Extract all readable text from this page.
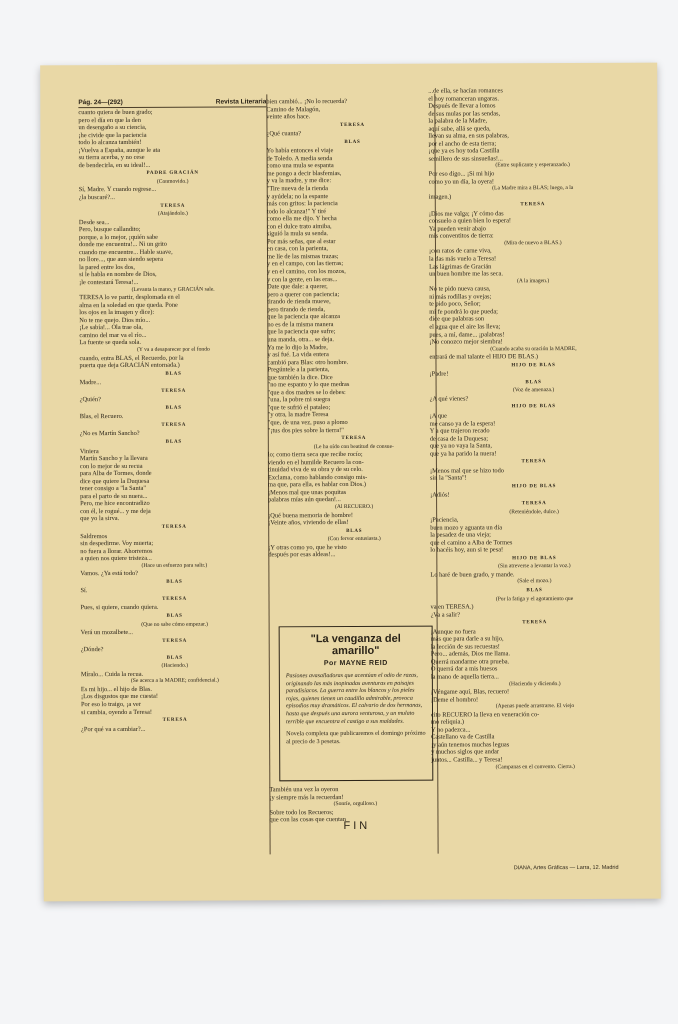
Pág. 24—(292)	Revista Literaria
cuanto quiera de buen grado;
pero el día en que la den
un desengaño a su ciencia,
¡he civide que la paciencia
todo lo alcanza también!
¡Vuelva a España, aunque le ata
su tierra acerba, y no cese
de bendecirla, en su ideal!...
PADRE GRACIÁN
(Conmovido.)
Sí, Madre. Y cuando regrese...
¿la buscaré?...
TERESA
(Atajándolo.)
Desde sea...
Pero, busque callandito;
porque, a lo mejor, ¡quién sabe
donde me encuentra!... Ni un grito
cuando me encuentre... Hable suave,
no llore..., que aun siendo sepera
la pared entre los dos,
si le habla en nombre de Dios,
¡le contestará Teresa!...
(Levanta la mano, y GRACIÁN sale.
TERESA lo ve partir, desplomada en el
alma en la soledad en que queda. Pone
los ojos en la imagen y dice):
No te me quejo. Dios mío...
¡Le sabía!... Ola trae ola,
camino del mar va el río...
La fuente se queda sola.
(Y va a desaparecer por el fondo
cuando, entra BLAS, el Recuerdo, por la
puerta que deja GRACIÁN entornada.)
BLAS
Madre...
TERESA
¿Quién?
BLAS
Blas, el Recuero.
TERESA
¿No es Martín Sancho?
BLAS
Viniera
Martín Sancho y la llevara
con lo mejor de su recua
para Alba de Tormes, donde
dice que quiere la Duquesa
tener consigo a "la Santa"
para el parto de su nuera...
Pero, me hice encontradizo
con él, le rogué... y me deja
que yo la sirva.
TERESA
Saldremos
sin despedirme. Voy muerta;
no fuera a llorar. Ahorremos
a quien nos quiere tristeza...
(Hace un esfuerzo para salir.)
Vamos. ¿Ya está todo?
BLAS
Sí.
TERESA
Pues, si quiere, cuando quiera.
BLAS
(Que no sabe cómo empezar.)
Verá un mozalbete...
TERESA
¿Dónde?
BLAS
(Haciendo.)
Míralo... Cuida la recua.
(Se acerca a la MADRE; confidencial.)
Es mi hijo... el hijo de Blas.
¡Los disgustos que me cuesta!
Por eso lo traigo, ¡a ver
si cambia, oyendo a Teresa!
TERESA
¿Por qué va a cambiar?...
bien cambió... ¡No lo recuerda?
Camino de Malagón,
veinte años hace.
TERESA
¿Qué cuanta?
BLAS
Yo había entonces el viaje
de Toledo. A media senda
como una mula se espanta
me pongo a decir blasfemias,
y va la madre, y me dice:
"Tire nueva de la rienda
y ayúdela; no la espante
más con gritos: la paciencia
todo lo alcanza!" Y tiré
como ella me dijo. Y hecha
con el dulce trato aimiba,
siguió la mula su senda.
Por más señas, que al estar
en casa, con la parienta,
me líe de las mismas trazas;
y en el campo, con las tierras;
y en el camino, con los mozos,
y con la gente, en las eras...
Date que dale: a querer,
pero a querer con paciencia;
tirando de rienda mueve,
pero tirando de rienda,
que la paciencia que alcanza
no es de la misma manera
que la paciencia que sufre;
una manda, otra... se deja.
Ya me lo dijo la Madre,
y así fué. La vida entera
cambió para Blas: otro hombre.
Pregúntele a la parienta,
que también la dice. Dice
"no me espanto y lo que medras
"que a dos madres se lo debes:
"una, la pobre mi suegra
"que te sufrió el pataleo;
"y otra, la madre Teresa
"que, de una vez, puso a plomo
"¡tus dos pies sobre la tierra!"
TERESA
(Le ha oído con beatitud de consue-
lo; como tierra seca que recibe rocío;
viendo en el humilde Recuero la con-
tinuidad viva de su obra y de su celo.
Exclama, como hablando consigo mis-
ma que, para ella, es hablar con Dios.)
¡Menos mal que unas poquitas
palabras mías aún quedan!...
(Al RECUERO.)
¡Qué buena memoria de hombre!
¡Veinte años, viviendo de ellas!
BLAS
(Con fervor entusiasta.)
¡Y otras como yo, que he visto
después por esas aldeas!...
"La venganza del amarillo"
Por MAYNE REID
Pasiones avasalladoras que acentúan el odio de razas, originando las más inopinadas aventuras en paisajes paradisíacos. La guerra entre los blancos y los pieles rojas, quienes tienen un caudillo admirable, provoca episodios muy dramáticos. El calvario de dos hermanas, hasta que después una aurora venturosa, y un mulato terrible que encuentra el castigo a sus maldades.
Novela completa que publicaremos el domingo próximo al precio de 3 pesetas.
También una vez la oyeron
¡y siempre más la recuerdan!
(Sonríe, orgulloso.)
Sobre todo los Recueros;
que con las cosas que cuentan
FIN
...de ella, se hacían romances
el hoy romanceran ungaras.
Después de llevar a lomos
de sus mulas por las sendas,
la palabra de la Madre,
aquí sube, allá se queda,
llevan su alma, en sus palabras,
por el ancho de esta tierra;
¡que ya es hoy toda Castilla
semillero de sus sinsueñas!...
(Entre suplicante y esperanzado.)
Por eso digo... ¡Si mi hijo
como yo un día, la oyera!
(La Madre mira a BLAS; luego, a la
imagen.)
TERESA
¡Dios me valga; ¡Y cómo das
consuelo a quien bien lo espera!
Ya pueden venir abajo
mis conventitos de tierra:
(Mira de nuevo a BLAS.)
¡con ratos de carne viva,
la das más vuelo a Teresa!
Las lágrimas de Gracián
un buen hombre me las seca.
(A la imagen.)
No te pido nueva causa,
ni más rodillas y ovejas;
te pido poco, Señor;
mi fe pondrá lo que pueda;
dice que palabras son
el agua que el aire las lleva;
pues, a mí, dame... ¡palabras!
¡No conozco mejor siembra!
(Cuando acaba su oración la MADRE,
entrará de mal talante el HIJO DE BLAS.)
HIJO DE BLAS
¡Padre!
BLAS
(Voz de amenaza.)
¿A qué vienes?
HIJO DE BLAS
¡A que
me canso ya de la espera!
Y a que trajeron recado
de casa de la Duquesa;
que ya no vaya la Santa,
que ya ha parido la nuera!
TERESA
¡Menos mal que se hizo todo
sin la "Santa"!
HIJO DE BLAS
¡Adiós!
TERESA
(Reteniéndole, dulce.)
¡Paciencia,
buen mozo y aguanta un día
la pesadez de una vieja;
que el camino a Alba de Tormes
lo hacéis hoy, aun si te pesa!
HIJO DE BLAS
(Sin atreverse a levantar la voz.)
Lo haré de buen grado, y mande.
(Sale el mozo.)
BLAS
(Por la fatiga y el agotamiento que
va en TERESA.)
¿Va a salir?
TERESA
¡Aunque no fuera
más que para darle a su hijo,
la lección de sus recuestas!
Pero... además, Dios me llama.
Querrá mandarme otra prueba.
O querrá dar a mis huesos
la mano de aquella tierra...
(Haciendo y diciendo.)
¡Véngame aquí, Blas, recuero!
¡Deme el hombro!
(Apenas puede arrastrarse. El viejo
cito RECUERO la lleva en veneración co-
mo reliquia.)
Y no padezca...
Castellano va de Castilla
¡y aún tenemos muchas leguas
y muchos siglos que andar
juntos... Castilla... y Teresa!
(Campanas en el convento. Cierra.)
DIANA, Artes Gráficas — Larra, 12. Madrid
